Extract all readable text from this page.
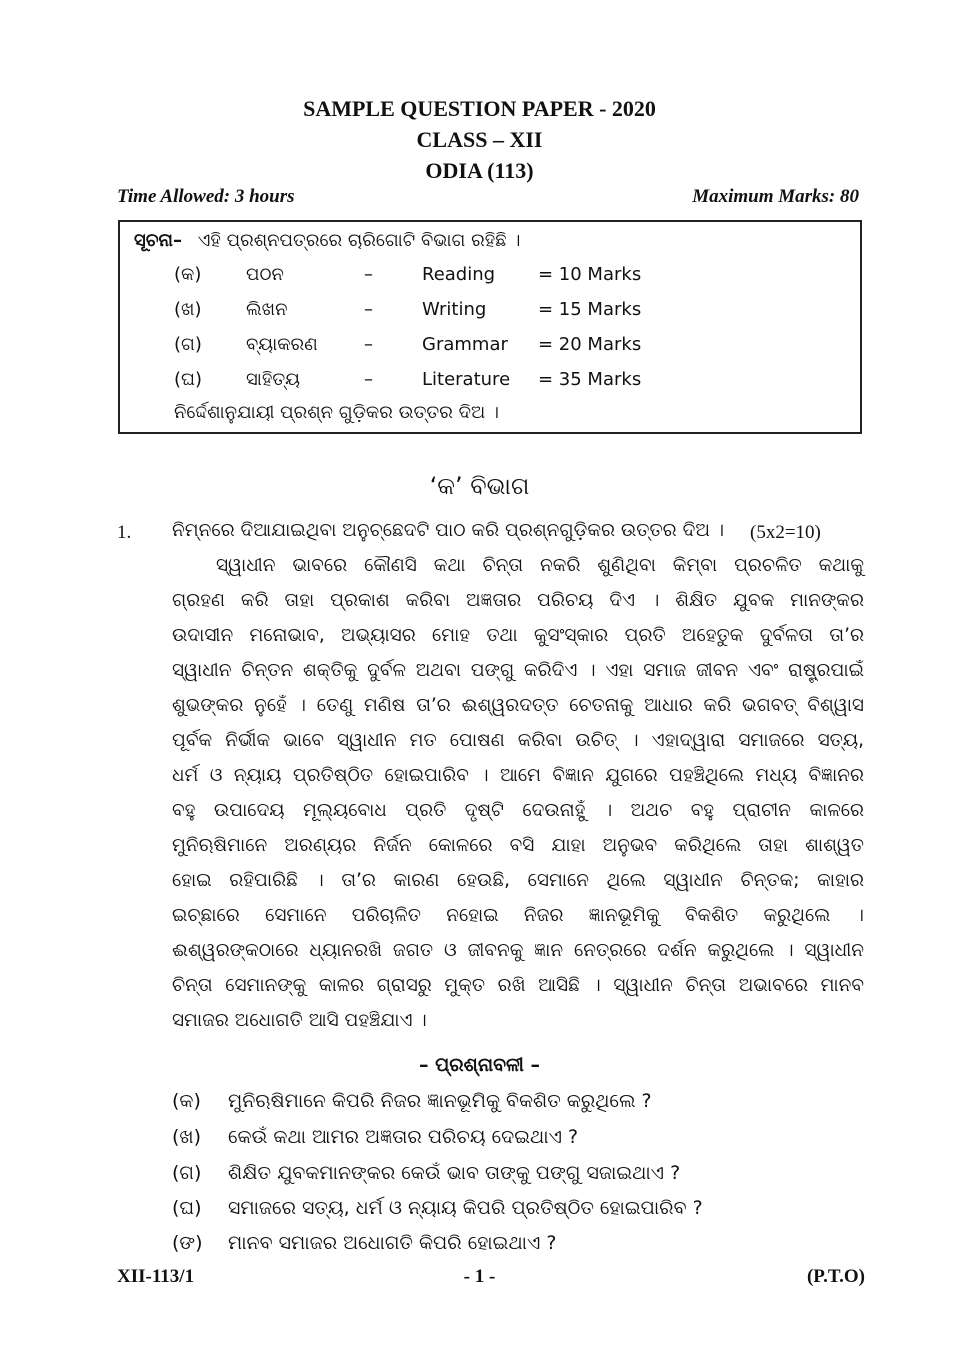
SAMPLE QUESTION PAPER - 2020
CLASS – XII
ODIA (113)
Time Allowed: 3 hours	Maximum Marks: 80
ସୂଚନା– ଏହି ପ୍ରଶ୍ନପତ୍ରରେ ଚାରିଗୋଟି ବିଭାଗ ରହିଛି ।
(କ) ପଠନ	–	Reading = 10 Marks
(ଖ) ଲିଖନ	–	Writing	= 15 Marks
(ଗ) ବ୍ୟାକରଣ	–	Grammar = 20 Marks
(ଘ) ସାହିତ୍ୟ	–	Literature = 35 Marks
ନିର୍ଦ୍ଦେଶାନୁଯାୟୀ ପ୍ରଶ୍ନ ଗୁଡ଼ିକର ଉତ୍ତର ଦିଅ ।
‘କ’ ବିଭାଗ
1. ନିମ୍ନରେ ଦିଆଯାଇଥିବା ଅନୁଚ୍ଛେଦଟି ପାଠ କରି ପ୍ରଶ୍ନଗୁଡ଼ିକର ଉତ୍ତର ଦିଅ । (5x2=10)
ସ୍ୱାଧୀନ ଭାବରେ କୌଣସି କଥା ଚିନ୍ତା ନକରି ଶୁଣିଥିବା କିମ୍ବା ପ୍ରଚଳିତ କଥାକୁ
ଗ୍ରହଣ କରି ତାହା ପ୍ରକାଶ କରିବା ଅଜ୍ଞତାର ପରିଚୟ ଦିଏ । ଶିକ୍ଷିତ ଯୁବକ ମାନଙ୍କର
ଉଦାସୀନ ମନୋଭାବ, ଅଭ୍ୟାସର ମୋହ ତଥା କୁସଂସ୍କାର ପ୍ରତି ଅହେତୁକ ଦୁର୍ବଳତା ତା’ର
ସ୍ୱାଧୀନ ଚିନ୍ତନ ଶକ୍ତିକୁ ଦୁର୍ବଳ ଅଥବା ପଙ୍ଗୁ କରିଦିଏ । ଏହା ସମାଜ ଜୀବନ ଏବଂ ରାଷ୍ଟ୍ରପାଇଁ
ଶୁଭଙ୍କର ନୁହେଁ । ତେଣୁ ମଣିଷ ତା’ର ଈଶ୍ୱରଦତ୍ତ ଚେତନାକୁ ଆଧାର କରି ଭଗବତ୍ ବିଶ୍ୱାସ
ପୂର୍ବକ ନିର୍ଭୀକ ଭାବେ ସ୍ୱାଧୀନ ମତ ପୋଷଣ କରିବା ଉଚିତ୍ । ଏହାଦ୍ୱାରା ସମାଜରେ ସତ୍ୟ,
ଧର୍ମ ଓ ନ୍ୟାୟ ପ୍ରତିଷ୍ଠିତ ହୋଇପାରିବ । ଆମେ ବିଜ୍ଞାନ ଯୁଗରେ ପହଞ୍ଚିଥିଲେ ମଧ୍ୟ ବିଜ୍ଞାନର
ବହୁ ଉପାଦେୟ ମୂଲ୍ୟବୋଧ ପ୍ରତି ଦୃଷ୍ଟି ଦେଉନାହୁଁ । ଅଥଚ ବହୁ ପ୍ରାଚୀନ କାଳରେ
ମୁନିଋଷିମାନେ ଅରଣ୍ୟର ନିର୍ଜନ କୋଳରେ ବସି ଯାହା ଅନୁଭବ କରିଥିଲେ ତାହା ଶାଶ୍ୱତ
ହୋଇ ରହିପାରିଛି । ତା’ର କାରଣ ହେଉଛି, ସେମାନେ ଥିଲେ ସ୍ୱାଧୀନ ଚିନ୍ତକ; କାହାର
ଇଚ୍ଛାରେ ସେମାନେ ପରିଚାଳିତ ନହୋଇ ନିଜର ଜ୍ଞାନଭୂମିକୁ ବିକଶିତ କରୁଥିଲେ ।
ଈଶ୍ୱରଙ୍କଠାରେ ଧ୍ୟାନରଖି ଜଗତ ଓ ଜୀବନକୁ ଜ୍ଞାନ ନେତ୍ରରେ ଦର୍ଶନ କରୁଥିଲେ । ସ୍ୱାଧୀନ
ଚିନ୍ତା ସେମାନଙ୍କୁ କାଳର ଗ୍ରାସରୁ ମୁକ୍ତ ରଖି ଆସିଛି । ସ୍ୱାଧୀନ ଚିନ୍ତା ଅଭାବରେ ମାନବ
ସମାଜର ଅଧୋଗତି ଆସି ପହଞ୍ଚିଯାଏ ।
– ପ୍ରଶ୍ନାବଳୀ –
(କ) ମୁନିଋଷିମାନେ କିପରି ନିଜର ଜ୍ଞାନଭୂମିକୁ ବିକଶିତ କରୁଥିଲେ ?
(ଖ) କେଉଁ କଥା ଆମର ଅଜ୍ଞତାର ପରିଚୟ ଦେଇଥାଏ ?
(ଗ) ଶିକ୍ଷିତ ଯୁବକମାନଙ୍କର କେଉଁ ଭାବ ତାଙ୍କୁ ପଙ୍ଗୁ ସଜାଇଥାଏ ?
(ଘ) ସମାଜରେ ସତ୍ୟ, ଧର୍ମ ଓ ନ୍ୟାୟ କିପରି ପ୍ରତିଷ୍ଠିତ ହୋଇପାରିବ ?
(ଙ) ମାନବ ସମାଜର ଅଧୋଗତି କିପରି ହୋଇଥାଏ ?
XII-113/1	- 1 -	(P.T.O)
